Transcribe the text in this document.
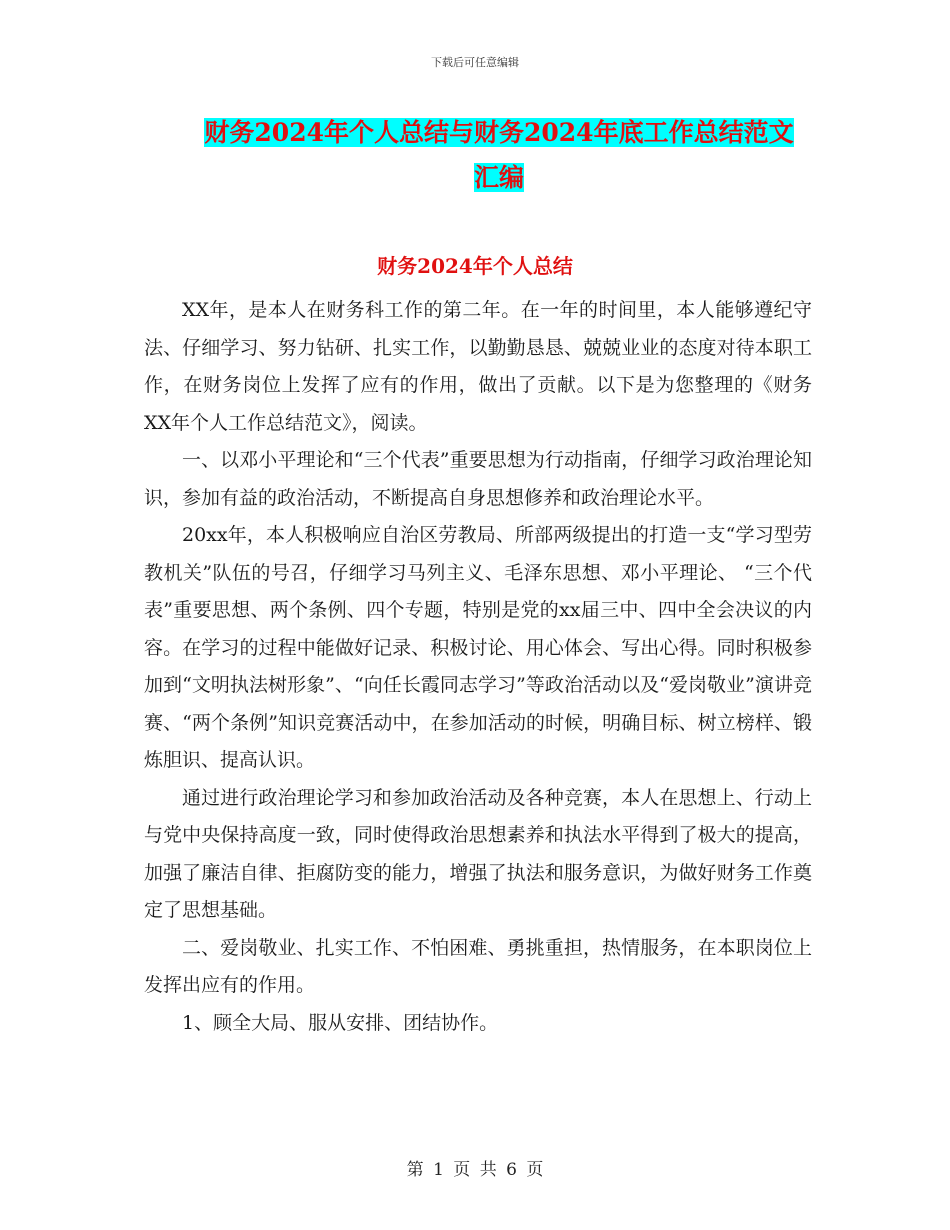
下载后可任意编辑
财务2024年个人总结与财务2024年底工作总结范文
汇编
财务2024年个人总结

XX年，是本人在财务科工作的第二年。在一年的时间里，本人能够遵纪守法、仔细学习、努力钻研、扎实工作，以勤勤恳恳、兢兢业业的态度对待本职工作，在财务岗位上发挥了应有的作用，做出了贡献。以下是为您整理的《财务XX年个人工作总结范文》，阅读。

一、以邓小平理论和“三个代表”重要思想为行动指南，仔细学习政治理论知识，参加有益的政治活动，不断提高自身思想修养和政治理论水平。

20xx年，本人积极响应自治区劳教局、所部两级提出的打造一支“学习型劳教机关”队伍的号召，仔细学习马列主义、毛泽东思想、邓小平理论、 “三个代表”重要思想、两个条例、四个专题，特别是党的xx届三中、四中全会决议的内容。在学习的过程中能做好记录、积极讨论、用心体会、写出心得。同时积极参加到“文明执法树形象”、“向任长霞同志学习”等政治活动以及“爱岗敬业”演讲竞赛、“两个条例”知识竞赛活动中，在参加活动的时候，明确目标、树立榜样、锻炼胆识、提高认识。

通过进行政治理论学习和参加政治活动及各种竞赛，本人在思想上、行动上与党中央保持高度一致，同时使得政治思想素养和执法水平得到了极大的提高，加强了廉洁自律、拒腐防变的能力，增强了执法和服务意识，为做好财务工作奠定了思想基础。

二、爱岗敬业、扎实工作、不怕困难、勇挑重担，热情服务，在本职岗位上发挥出应有的作用。

1、顾全大局、服从安排、团结协作。

第 1 页 共 6 页
